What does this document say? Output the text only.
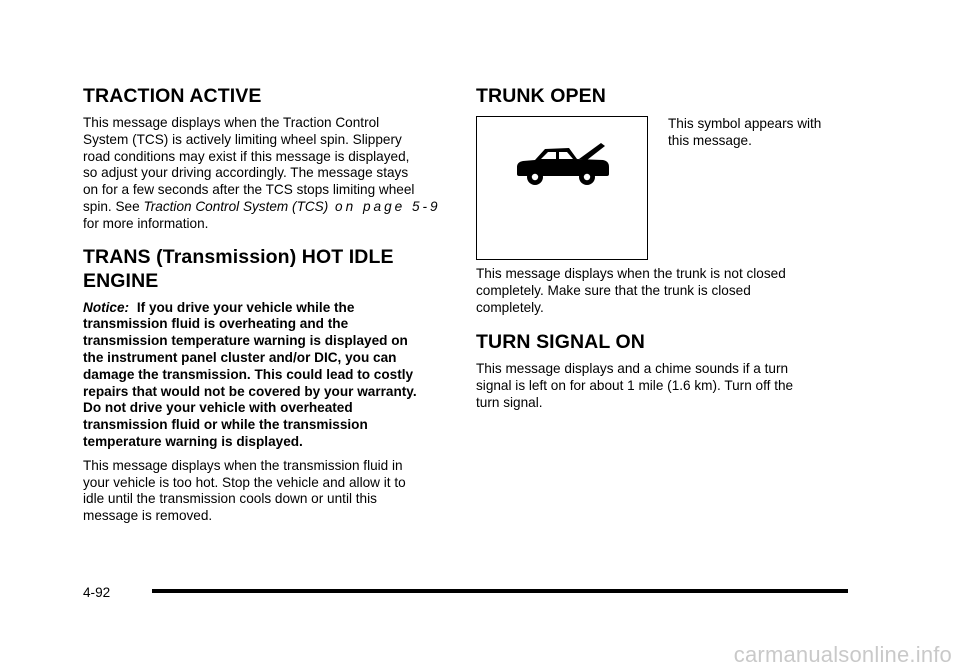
TRACTION ACTIVE

This message displays when the Traction Control
System (TCS) is actively limiting wheel spin. Slippery
road conditions may exist if this message is displayed,
so adjust your driving accordingly. The message stays
on for a few seconds after the TCS stops limiting wheel
spin. See Traction Control System (TCS) on page 5-9
for more information.

TRANS (Transmission) HOT IDLE
ENGINE

Notice: If you drive your vehicle while the
transmission fluid is overheating and the
transmission temperature warning is displayed on
the instrument panel cluster and/or DIC, you can
damage the transmission. This could lead to costly
repairs that would not be covered by your warranty.
Do not drive your vehicle with overheated
transmission fluid or while the transmission
temperature warning is displayed.

This message displays when the transmission fluid in
your vehicle is too hot. Stop the vehicle and allow it to
idle until the transmission cools down or until this
message is removed.

TRUNK OPEN

This symbol appears with
this message.

This message displays when the trunk is not closed
completely. Make sure that the trunk is closed
completely.

TURN SIGNAL ON

This message displays and a chime sounds if a turn
signal is left on for about 1 mile (1.6 km). Turn off the
turn signal.

4-92
carmanualsonline.info
